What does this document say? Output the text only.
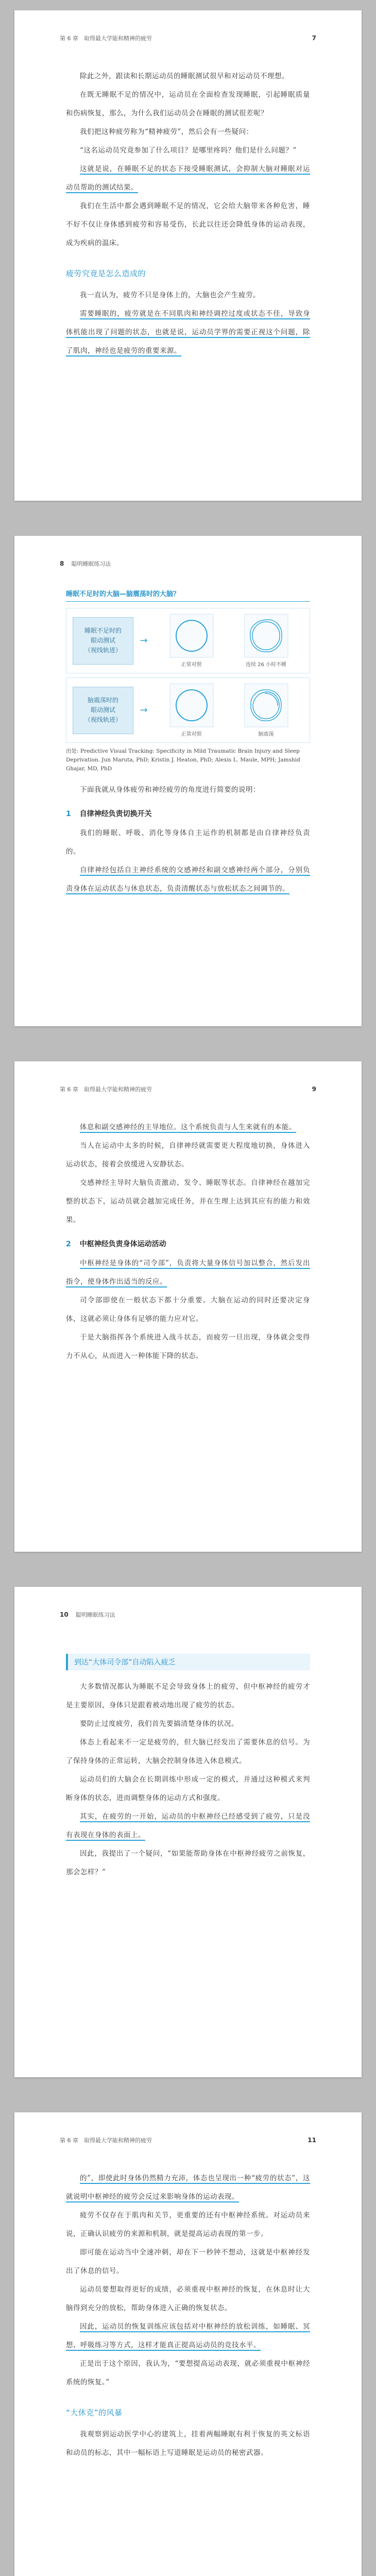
第 6 章　取得最大学能和精神的疲劳	7

除此之外，跟读和长期运动员的睡眠测试很早和对运动员不理想。

在既无睡眠不足的情况中，运动员在全面检查发现睡眠，引起睡眠质量和伤病恢复，那么，为什么我们运动员会在睡眠的测试很差呢？

我们把这种疲劳称为“精神疲劳”，然后会有一些疑问：

“这名运动员究竟参加了什么项目？是哪里疼吗？他们是什么问题？”

这就是说，在睡眠不足的状态下接受睡眠测试，会抑制大脑对睡眠对运动员帮助的测试结果。

我们在生活中都会遇到睡眠不足的情况，它会给大脑带来各种危害，睡不好不仅让身体感到疲劳和容易受伤，长此以往还会降低身体的运动表现，成为疾病的温床。

疲劳究竟是怎么造成的

我一直认为，疲劳不只是身体上的，大脑也会产生疲劳。

需要睡眠的，疲劳就是在不同肌肉和神经调控过度或状态不佳，导致身体机能出现了问题的状态，也就是说，运动员学界的需要正视这个问题，除了肌肉，神经也是疲劳的重要来源。

8 聪明睡眠练习法
睡眠不足时的大脑—脑震荡时的大脑？
睡眠不足时的
眼动测试
（视线轨迹）
→
正常对照	连续 26 小时不睡
脑震荡时的
眼动测试
（视线轨迹）
→
正常对照	脑震荡
出处: Predictive Visual Tracking: Specificity in Mild Traumatic Brain Injury and Sleep Deprivation. Jun Maruta, PhD; Kristin J. Heaton, PhD; Alexis L. Maule, MPH; Jamshid Ghajar, MD, PhD

下面我就从身体疲劳和神经疲劳的角度进行简要的说明：

1 自律神经负责切换开关

我们的睡眠、呼吸、消化等身体自主运作的机制都是由自律神经负责的。

自律神经包括自主神经系统的交感神经和副交感神经两个部分，分别负责身体在运动状态与休息状态，负责清醒状态与放松状态之间调节的。

第 6 章　取得最大学能和精神的疲劳	9

体息和副交感神经的主导地位。这个系统负责与人生来就有的本能。

当人在运动中太多的时候，自律神经就需要更大程度地切换，身体进入运动状态，接着会放缓进入安静状态。

交感神经主导时大脑负责激动、发令、睡眠等状态。自律神经在越加完整的状态下，运动员就会越加完成任务，并在生理上达到其应有的能力和效果。

2 中枢神经负责身体运动活动

中枢神经是身体的“司令部”，负责将大量身体信号加以整合，然后发出指令，使身体作出适当的反应。

司令部即使在一般状态下都十分重要。大脑在运动的同时还要决定身体，这就必须让身体有足够的能力应对它。

于是大脑指挥各个系统进入战斗状态，而疲劳一旦出现，身体就会变得力不从心，从而进入一种体能下降的状态。

10 聪明睡眠练习法
到达“大体司令部”自动陷入疲乏

大多数情况都认为睡眠不足会导致身体上的疲劳，但中枢神经的疲劳才是主要原因，身体只是跟着被动地出现了疲劳的状态。

要防止过度疲劳，我们首先要搞清楚身体的状况。

体态上看起来不一定是疲劳的，但大脑已经发出了需要休息的信号。为了保持身体的正常运转，大脑会控制身体进入休息模式。

运动员们的大脑会在长期训练中形成一定的模式，并通过这种模式来判断身体的状态，进而调整身体的运动方式和强度。

其实，在疲劳的一开始，运动员的中枢神经已经感受到了疲劳，只是没有表现在身体的表面上。

因此，我提出了一个疑问，“如果能帮助身体在中枢神经疲劳之前恢复，那会怎样？”

第 6 章　取得最大学能和精神的疲劳	11

的”，即使此时身体仍然精力充沛，体态也呈现出一种“疲劳的状态”，这就说明中枢神经的疲劳会反过来影响身体的运动表现。

疲劳不仅存在于肌肉和关节，更重要的还有中枢神经系统。对运动员来说，正确认识疲劳的来源和机制，就是提高运动表现的第一步。

即可能在运动当中全速冲刺，却在下一秒钟不想动，这就是中枢神经发出了休息的信号。

运动员要想取得更好的成绩，必须重视中枢神经的恢复，在休息时让大脑得到充分的放松，帮助身体进入正确的恢复状态。

因此，运动员的恢复训练应该包括对中枢神经的放松训练，如睡眠、冥想、呼吸练习等方式，这样才能真正提高运动员的竞技水平。

正是出于这个原因，我认为，“要想提高运动表现，就必须重视中枢神经系统的恢复。”

“大休克”的风暴

我观察到运动医学中心的建筑上，挂着两幅睡眠有利于恢复的英文标语和动员的标志，其中一幅标语上写道睡眠是运动员的秘密武器。
